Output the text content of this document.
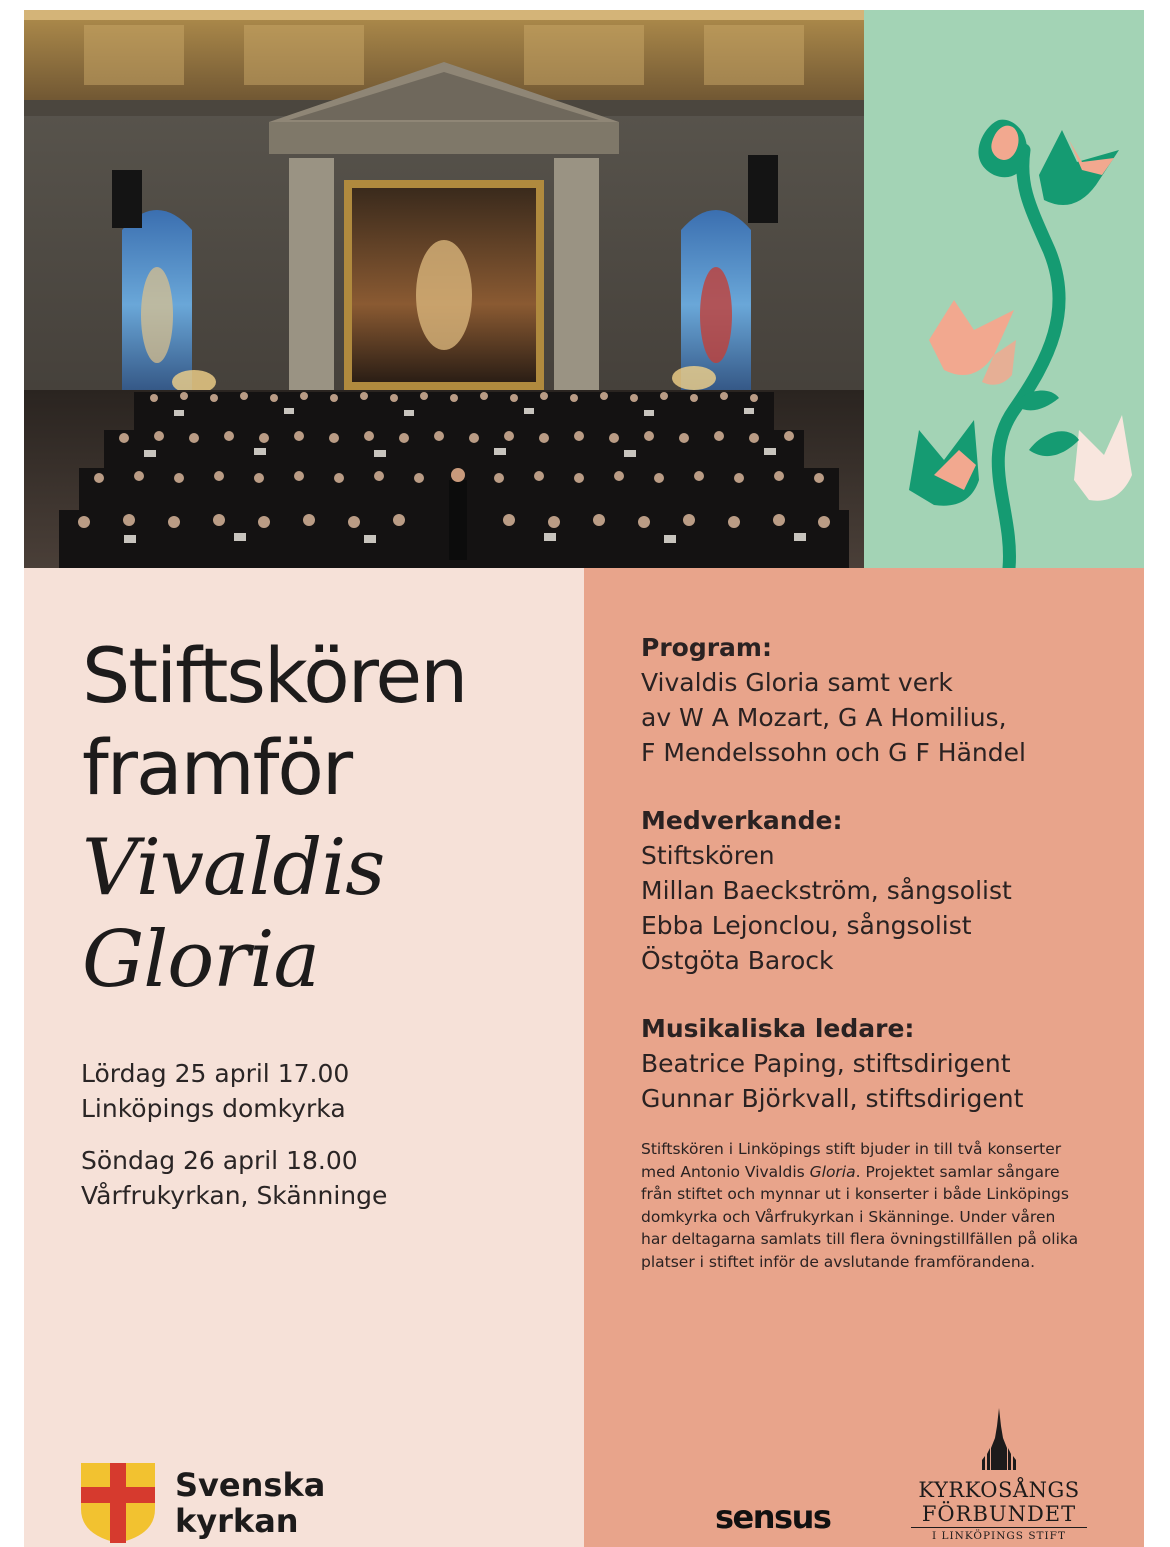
Stiftskören
framför
Vivaldis
Gloria
Lördag 25 april 17.00
Linköpings domkyrka
Söndag 26 april 18.00
Vårfrukyrkan, Skänninge
Svenska
kyrkan
Program:
Vivaldis Gloria samt verk
av W A Mozart, G A Homilius,
F Mendelssohn och G F Händel
Medverkande:
Stiftskören
Millan Baeckström, sångsolist
Ebba Lejonclou, sångsolist
Östgöta Barock
Musikaliska ledare:
Beatrice Paping, stiftsdirigent
Gunnar Björkvall, stiftsdirigent

Stiftskören i Linköpings stift bjuder in till två konserter med Antonio Vivaldis Gloria. Projektet samlar sångare från stiftet och mynnar ut i konserter i både Linköpings domkyrka och Vårfrukyrkan i Skänninge. Under våren har deltagarna samlats till flera övningstillfällen på olika platser i stiftet inför de avslutande framförandena.

sensus
KYRKOSÅNGS
FÖRBUNDET
I LINKÖPINGS STIFT
